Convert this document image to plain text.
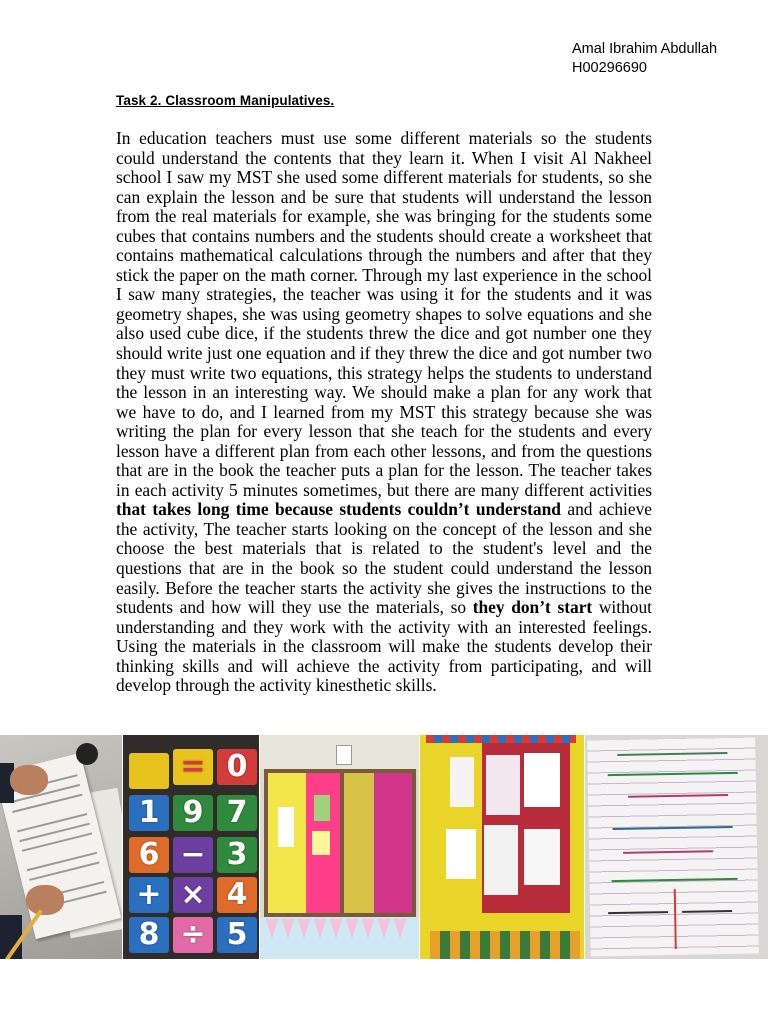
Amal Ibrahim Abdullah
H00296690
Task 2. Classroom Manipulatives.
In education teachers must use some different materials so the students could understand the contents that they learn it. When I visit Al Nakheel school I saw my MST she used some different materials for students, so she can explain the lesson and be sure that students will understand the lesson from the real materials for example, she was bringing for the students some cubes that contains numbers and the students should create a worksheet that contains mathematical calculations through the numbers and after that they stick the paper on the math corner. Through my last experience in the school I saw many strategies, the teacher was using it for the students and it was geometry shapes, she was using geometry shapes to solve equations and she also used cube dice, if the students threw the dice and got number one they should write just one equation and if they threw the dice and got number two they must write two equations, this strategy helps the students to understand the lesson in an interesting way. We should make a plan for any work that we have to do, and I learned from my MST this strategy because she was writing the plan for every lesson that she teach for the students and every lesson have a different plan from each other lessons, and from the questions that are in the book the teacher puts a plan for the lesson. The teacher takes in each activity 5 minutes sometimes, but there are many different activities that takes long time because students couldn’t understand and achieve the activity, The teacher starts looking on the concept of the lesson and she choose the best materials that is related to the student's level and the questions that are in the book so the student could understand the lesson easily. Before the teacher starts the activity she gives the instructions to the students and how will they use the materials, so they don’t start without understanding and they work with the activity with an interested feelings. Using the materials in the classroom will make the students develop their thinking skills and will achieve the activity from participating, and will develop through the activity kinesthetic skills.
= 0
1 9 7
6 − 3
+ × 4
8 ÷ 5
